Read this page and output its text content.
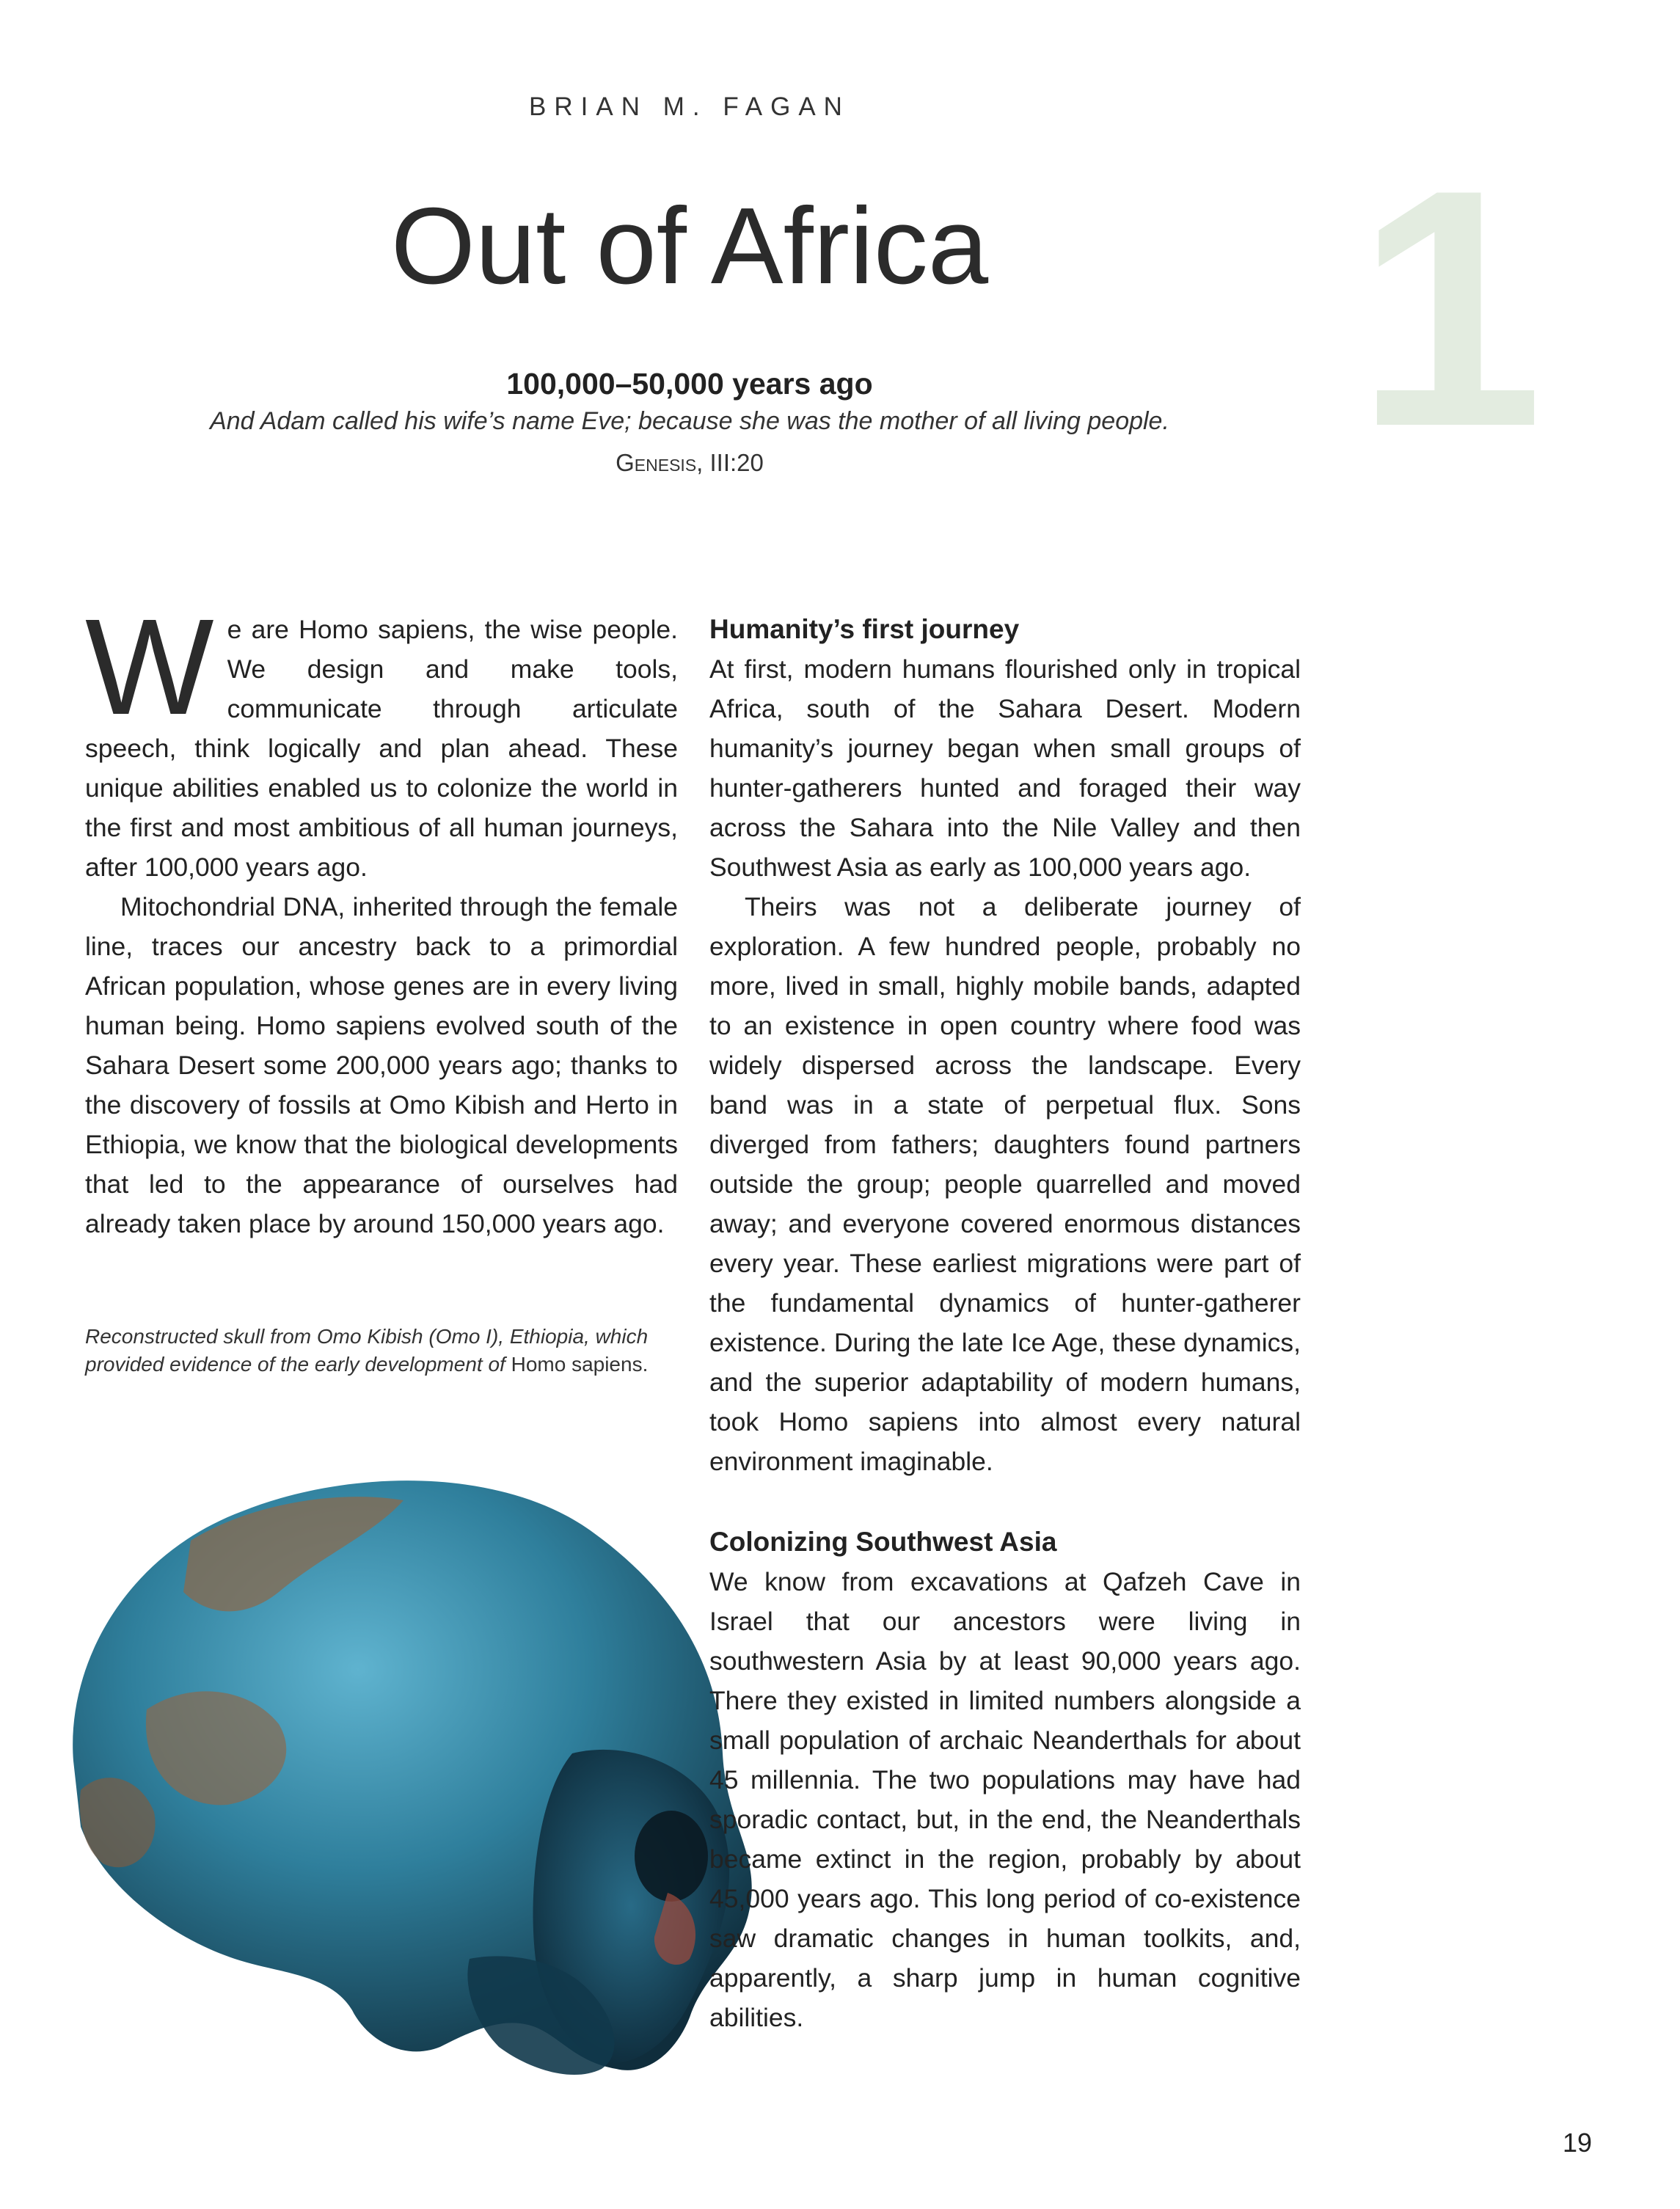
BRIAN M. FAGAN
Out of Africa	1
100,000–50,000 years ago
And Adam called his wife’s name Eve; because she was the mother of all living people.
Genesis, III:20

We are Homo sapiens, the wise people. We design and make tools, communicate through articulate speech, think logically and plan ahead. These unique abilities enabled us to colonize the world in the first and most ambitious of all human journeys, after 100,000 years ago.

Mitochondrial DNA, inherited through the female line, traces our ancestry back to a primordial African population, whose genes are in every living human being. Homo sapiens evolved south of the Sahara Desert some 200,000 years ago; thanks to the discovery of fossils at Omo Kibish and Herto in Ethiopia, we know that the biological developments that led to the appearance of ourselves had already taken place by around 150,000 years ago.

Reconstructed skull from Omo Kibish (Omo I), Ethiopia, which provided evidence of the early development of Homo sapiens.
Humanity’s first journey

At first, modern humans flourished only in tropical Africa, south of the Sahara Desert. Modern humanity’s journey began when small groups of hunter-gatherers hunted and foraged their way across the Sahara into the Nile Valley and then Southwest Asia as early as 100,000 years ago.

Theirs was not a deliberate journey of exploration. A few hundred people, probably no more, lived in small, highly mobile bands, adapted to an existence in open country where food was widely dispersed across the landscape. Every band was in a state of perpetual flux. Sons diverged from fathers; daughters found partners outside the group; people quarrelled and moved away; and everyone covered enormous distances every year. These earliest migrations were part of the fundamental dynamics of hunter-gatherer existence. During the late Ice Age, these dynamics, and the superior adaptability of modern humans, took Homo sapiens into almost every natural environment imaginable.

Colonizing Southwest Asia

We know from excavations at Qafzeh Cave in Israel that our ancestors were living in southwestern Asia by at least 90,000 years ago. There they existed in limited numbers alongside a small population of archaic Neanderthals for about 45 millennia. The two populations may have had sporadic contact, but, in the end, the Neanderthals became extinct in the region, probably by about 45,000 years ago. This long period of co-existence saw dramatic changes in human toolkits, and, apparently, a sharp jump in human cognitive abilities.

19
